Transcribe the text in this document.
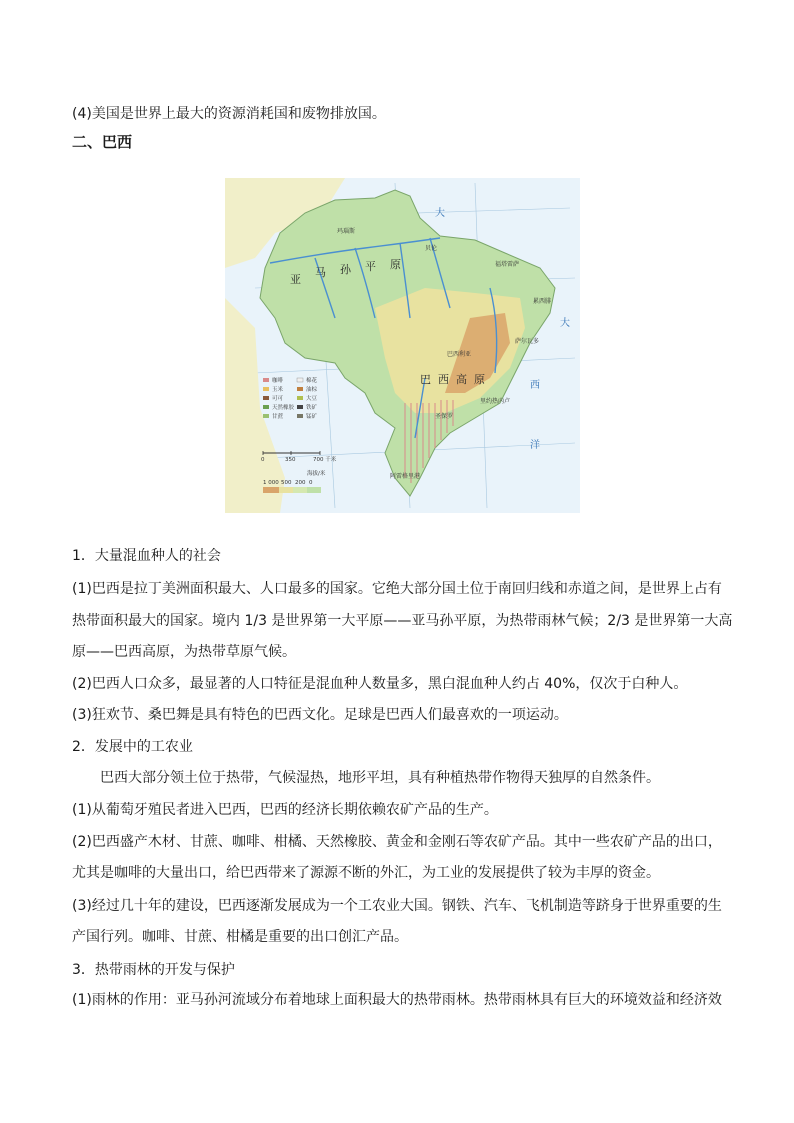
(4)美国是世界上最大的资源消耗国和废物排放国。
二、巴西
亚
马 孙 平 原
巴 西 高 原
大
大
西
洋
玛瑙斯
贝伦
福塔雷萨
累西腓
萨尔瓦多
巴西利亚
里约热内卢
圣保罗
阿雷格里港
咖啡
玉米
可可
天然橡胶
甘蔗
棉花
油棕
大豆
铁矿
锰矿
0	350	700 千米
海拔/米
1 000 500 200 0
1．大量混血种人的社会
(1)巴西是拉丁美洲面积最大、人口最多的国家。它绝大部分国土位于南回归线和赤道之间，是世界上占有
热带面积最大的国家。境内 1/3 是世界第一大平原——亚马孙平原，为热带雨林气候；2/3 是世界第一大高
原——巴西高原，为热带草原气候。
(2)巴西人口众多，最显著的人口特征是混血种人数量多，黑白混血种人约占 40%，仅次于白种人。
(3)狂欢节、桑巴舞是具有特色的巴西文化。足球是巴西人们最喜欢的一项运动。
2．发展中的工农业
巴西大部分领土位于热带，气候湿热，地形平坦，具有种植热带作物得天独厚的自然条件。
(1)从葡萄牙殖民者进入巴西，巴西的经济长期依赖农矿产品的生产。
(2)巴西盛产木材、甘蔗、咖啡、柑橘、天然橡胶、黄金和金刚石等农矿产品。其中一些农矿产品的出口，
尤其是咖啡的大量出口，给巴西带来了源源不断的外汇，为工业的发展提供了较为丰厚的资金。
(3)经过几十年的建设，巴西逐渐发展成为一个工农业大国。钢铁、汽车、飞机制造等跻身于世界重要的生
产国行列。咖啡、甘蔗、柑橘是重要的出口创汇产品。
3．热带雨林的开发与保护
(1)雨林的作用：亚马孙河流域分布着地球上面积最大的热带雨林。热带雨林具有巨大的环境效益和经济效
